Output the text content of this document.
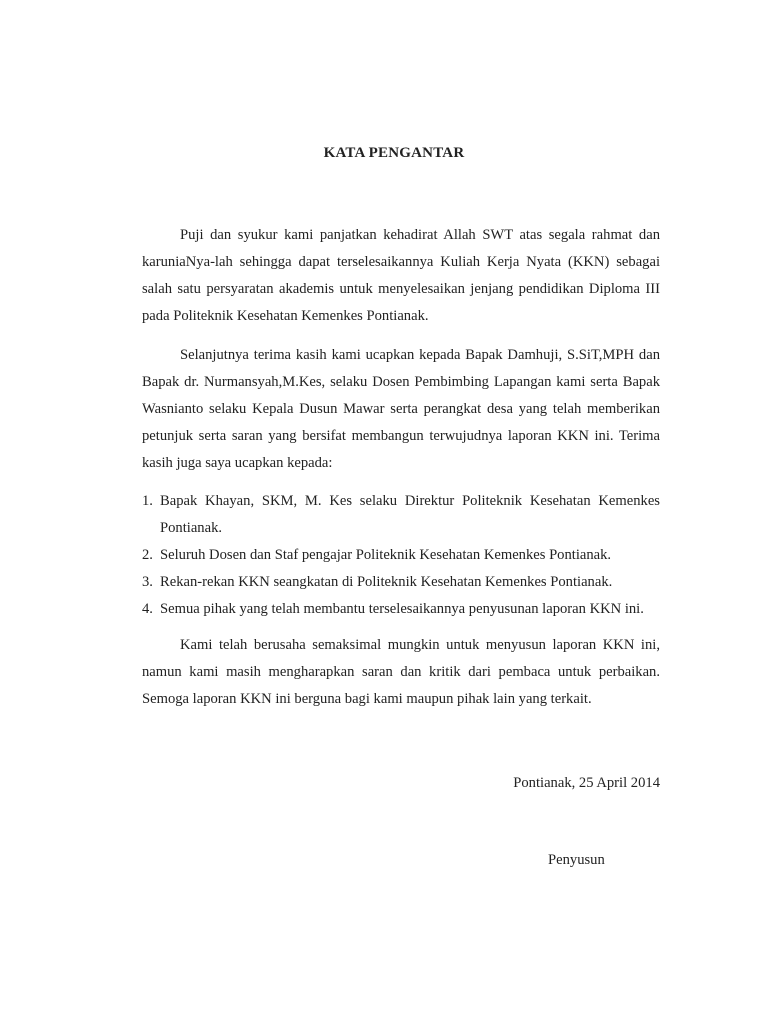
KATA PENGANTAR

Puji dan syukur kami panjatkan kehadirat Allah SWT atas segala rahmat dan karuniaNya-lah sehingga dapat terselesaikannya Kuliah Kerja Nyata (KKN) sebagai salah satu persyaratan akademis untuk menyelesaikan jenjang pendidikan Diploma III pada Politeknik Kesehatan Kemenkes Pontianak.

Selanjutnya terima kasih kami ucapkan kepada Bapak Damhuji, S.SiT,MPH dan Bapak dr. Nurmansyah,M.Kes, selaku Dosen Pembimbing Lapangan kami serta Bapak Wasnianto selaku Kepala Dusun Mawar serta perangkat desa yang telah memberikan petunjuk serta saran yang bersifat membangun terwujudnya laporan KKN ini. Terima kasih juga saya ucapkan kepada:

1. Bapak Khayan, SKM, M. Kes selaku Direktur Politeknik Kesehatan Kemenkes Pontianak.
2. Seluruh Dosen dan Staf pengajar Politeknik Kesehatan Kemenkes Pontianak.
3. Rekan-rekan KKN seangkatan di Politeknik Kesehatan Kemenkes Pontianak.
4. Semua pihak yang telah membantu terselesaikannya penyusunan laporan KKN ini.

Kami telah berusaha semaksimal mungkin untuk menyusun laporan KKN ini, namun kami masih mengharapkan saran dan kritik dari pembaca untuk perbaikan. Semoga laporan KKN ini berguna bagi kami maupun pihak lain yang terkait.

Pontianak, 25 April 2014
Penyusun
